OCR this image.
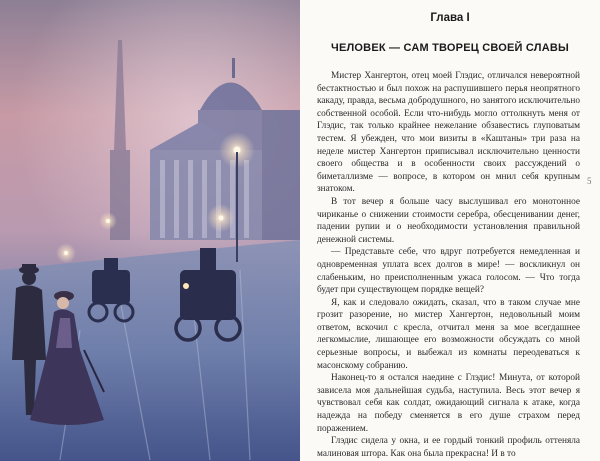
Глава I
ЧЕЛОВЕК — САМ ТВОРЕЦ СВОЕЙ СЛАВЫ

Мистер Хангертон, отец моей Глэдис, отличался невероятной бестактностью и был похож на распушившего перья неопрятного какаду, правда, весьма добродушного, но занятого исключительно собственной особой. Если что-нибудь могло оттолкнуть меня от Глэдис, так только крайнее нежелание обзавестись глуповатым тестем. Я убежден, что мои визиты в «Каштаны» три раза на неделе мистер Хангертон приписывал исключительно ценности своего общества и в особенности своих рассуждений о биметаллизме — вопросе, в котором он мнил себя крупным знатоком.

В тот вечер я больше часу выслушивал его монотонное чириканье о снижении стоимости серебра, обесценивании денег, падении рупии и о необходимости установления правильной денежной системы.

— Представьте себе, что вдруг потребуется немедленная и одновременная уплата всех долгов в мире! — воскликнул он слабеньким, но преисполненным ужаса голосом. — Что тогда будет при существующем порядке вещей?

Я, как и следовало ожидать, сказал, что в таком случае мне грозит разорение, но мистер Хангертон, недовольный моим ответом, вскочил с кресла, отчитал меня за мое всегдашнее легкомыслие, лишающее его возможности обсуждать со мной серьезные вопросы, и выбежал из комнаты переодеваться к масонскому собранию.

Наконец-то я остался наедине с Глэдис! Минута, от которой зависела моя дальнейшая судьба, наступила. Весь этот вечер я чувствовал себя как солдат, ожидающий сигнала к атаке, когда надежда на победу сменяется в его душе страхом перед поражением.

Глэдис сидела у окна, и ее гордый тонкий профиль оттеняла малиновая штора. Как она была прекрасна! И в то

5
